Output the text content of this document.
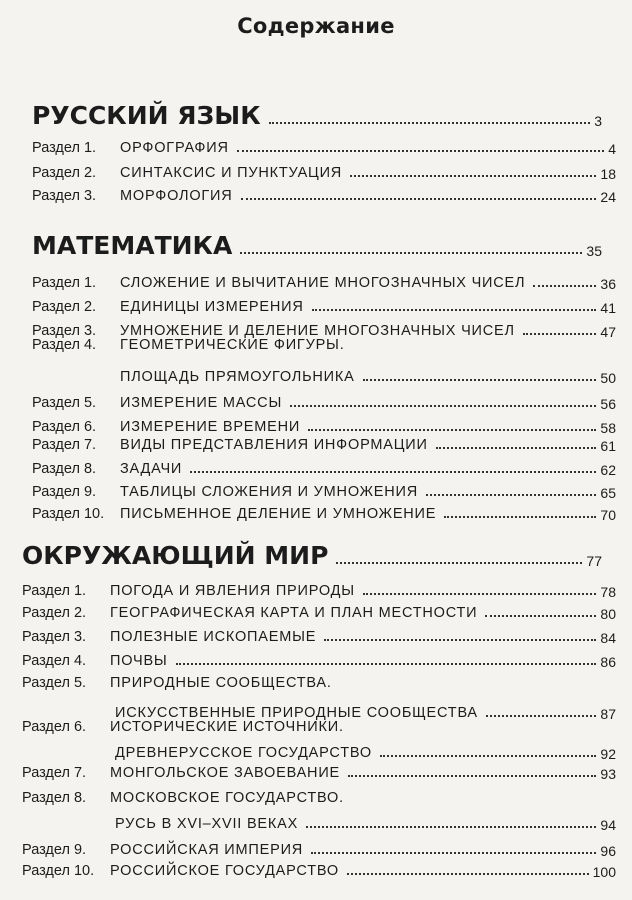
Содержание
РУССКИЙ ЯЗЫК	3
Раздел 1.	ОРФОГРАФИЯ	4
Раздел 2.	СИНТАКСИС И ПУНКТУАЦИЯ	18
Раздел 3.	МОРФОЛОГИЯ	24
МАТЕМАТИКА	35
Раздел 1.	СЛОЖЕНИЕ И ВЫЧИТАНИЕ МНОГОЗНАЧНЫХ ЧИСЕЛ	36
Раздел 2.	ЕДИНИЦЫ ИЗМЕРЕНИЯ	41
Раздел 3.	УМНОЖЕНИЕ И ДЕЛЕНИЕ МНОГОЗНАЧНЫХ ЧИСЕЛ	47
Раздел 4.	ГЕОМЕТРИЧЕСКИЕ ФИГУРЫ.
ПЛОЩАДЬ ПРЯМОУГОЛЬНИКА	50
Раздел 5.	ИЗМЕРЕНИЕ МАССЫ	56
Раздел 6.	ИЗМЕРЕНИЕ ВРЕМЕНИ	58
Раздел 7.	ВИДЫ ПРЕДСТАВЛЕНИЯ ИНФОРМАЦИИ	61
Раздел 8.	ЗАДАЧИ	62
Раздел 9.	ТАБЛИЦЫ СЛОЖЕНИЯ И УМНОЖЕНИЯ	65
Раздел 10.	ПИСЬМЕННОЕ ДЕЛЕНИЕ И УМНОЖЕНИЕ	70
ОКРУЖАЮЩИЙ МИР	77
Раздел 1.	ПОГОДА И ЯВЛЕНИЯ ПРИРОДЫ	78
Раздел 2.	ГЕОГРАФИЧЕСКАЯ КАРТА И ПЛАН МЕСТНОСТИ	80
Раздел 3.	ПОЛЕЗНЫЕ ИСКОПАЕМЫЕ	84
Раздел 4.	ПОЧВЫ	86
Раздел 5.	ПРИРОДНЫЕ СООБЩЕСТВА.
ИСКУССТВЕННЫЕ ПРИРОДНЫЕ СООБЩЕСТВА	87
Раздел 6.	ИСТОРИЧЕСКИЕ ИСТОЧНИКИ.
ДРЕВНЕРУССКОЕ ГОСУДАРСТВО	92
Раздел 7.	МОНГОЛЬСКОЕ ЗАВОЕВАНИЕ	93
Раздел 8.	МОСКОВСКОЕ ГОСУДАРСТВО.
РУСЬ В XVI–XVII ВЕКАХ	94
Раздел 9.	РОССИЙСКАЯ ИМПЕРИЯ	96
Раздел 10.	РОССИЙСКОЕ ГОСУДАРСТВО	100
